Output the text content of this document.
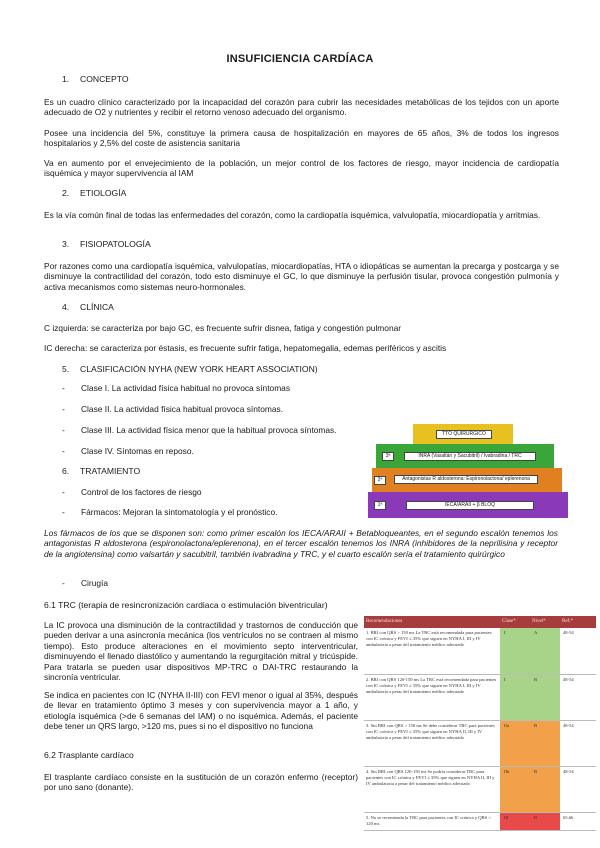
INSUFICIENCIA CARDÍACA
1. CONCEPTO
Es un cuadro clínico caracterizado por la incapacidad del corazón para cubrir las necesidades metabólicas de los tejidos con un aporte adecuado de O2 y nutrientes y recibir el retorno venoso adecuado del organismo.
Posee una incidencia del 5%, constituye la primera causa de hospitalización en mayores de 65 años, 3% de todos los ingresos hospitalarios y 2,5% del coste de asistencia sanitaria
Va en aumento por el envejecimiento de la población, un mejor control de los factores de riesgo, mayor incidencia de cardiopatía isquémica y mayor supervivencia al IAM
2. ETIOLOGÍA
Es la vía común final de todas las enfermedades del corazón, como la cardiopatía isquémica, valvulopatía, miocardiopatía y arritmias.
3. FISIOPATOLOGÍA
Por razones como una cardiopatía isquémica, valvulopatías, miocardiopatías, HTA o idiopáticas se aumentan la precarga y postcarga y se disminuye la contractilidad del corazón, todo esto disminuye el GC, lo que disminuye la perfusión tisular, provoca congestión pulmonía y activa mecanismos como sistemas neuro-hormonales.
4. CLÍNICA
C izquierda: se caracteriza por bajo GC, es frecuente sufrir disnea, fatiga y congestión pulmonar
IC derecha: se caracteriza por éstasis, es frecuente sufrir fatiga, hepatomegalia, edemas periféricos y ascitis
5. CLASIFICACIÓN NYHA (NEW YORK HEART ASSOCIATION)
- Clase I. La actividad física habitual no provoca síntomas
- Clase II. La actividad física habitual provoca síntomas.
- Clase III. La actividad física menor que la habitual provoca síntomas.
- Clase IV. Síntomas en reposo.
6. TRATAMIENTO
- Control de los factores de riesgo
- Fármacos: Mejoran la sintomatología y el pronóstico.
TTO QUIRÚRGICO
3ª	INRA (Vasaltán y Sacubitril) / Ivabradina / TRC
2ª	Antagonistas R aldosterona: Espironolactona/ eplerenona
1ª	IECA/ARAII + β BLOQ
Los fármacos de los que se disponen son: como primer escalón los IECA/ARAII + Betabloqueantes, en el segundo escalón tenemos los antagonistas R aldosterona (espironolactona/eplerenona), en el tercer escalón tenemos los INRA (inhibidores de la neprilisina y receptor de la angiotensina) como valsartán y sacubitril, también ivabradina y TRC, y el cuarto escalón sería el tratamiento quirúrgico
- Cirugía
6.1 TRC (terapia de resincronización cardiaca o estimulación biventricular)
La IC provoca una disminución de la contractilidad y trastornos de conducción que pueden derivar a una asincronía mecánica (los ventrículos no se contraen al mismo tiempo). Esto produce alteraciones en el movimiento septo interventricular, disminuyendo el llenado diastólico y aumentando la regurgitación mitral y tricúspide. Para tratarla se pueden usar dispositivos MP-TRC o DAI-TRC restaurando la sincronía ventricular.
Se indica en pacientes con IC (NYHA II-III) con FEVI menor o igual al 35%, después de llevar en tratamiento óptimo 3 meses y con supervivencia mayor a 1 año, y etiología isquémica (>de 6 semanas del IAM) o no isquémica. Además, el paciente debe tener un QRS largo, >120 ms, pues si no el dispositivo no funciona
6.2 Trasplante cardíaco
El trasplante cardíaco consiste en la sustitución de un corazón enfermo (receptor) por uno sano (donante).
Recomendaciones	Clase*	Nivel*	Ref.*
1. BRI con QRS > 150 ms La TRC está recomendada para pacientes con IC crónica y FEVI ≤ 35% que siguen en NYHA I, III y IV ambulatoria a pesar del tratamiento médico adecuado	I	A	48-54
2. BRI con QRS 120-150 ms La TRC está recomendada para pacientes con IC crónica y FEVI ≤ 35% que siguen en NYHA I, III y IV ambulatoria a pesar del tratamiento médico adecuado	I	B	48-54
3. Sin BRI con QRS > 150 ms Se debe considerar TRC para pacientes con IC crónica y FEVI ≤ 35% que siguen en NYHA II, III y IV ambulatoria a pesar del tratamiento médico adecuado	IIa	B	48-54
4. Sin BRI con QRS 120-150 ms Se podría considerar TRC para pacientes con IC crónica y FEVI ≤ 35% que siguen en NYHA II, III y IV ambulatoria a pesar del tratamiento médico adecuado	IIb	B	48-54
5. No se recomienda la TRC para pacientes con IC crónica y QRS < 120 ms	III	B	65,66
